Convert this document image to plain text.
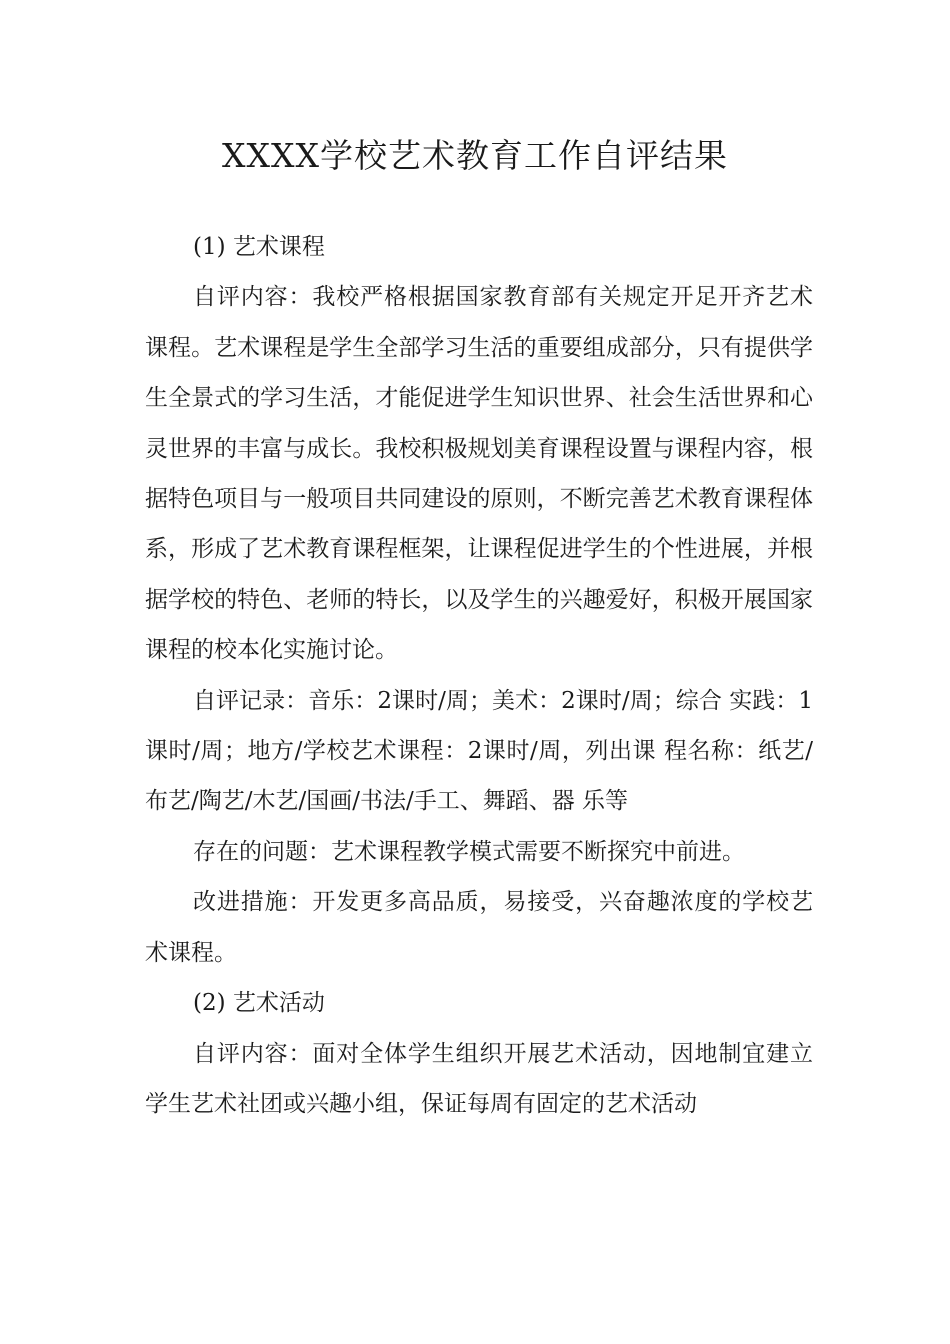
XXXX学校艺术教育工作自评结果

(1) 艺术课程

自评内容：我校严格根据国家教育部有关规定开足开齐艺术课程。艺术课程是学生全部学习生活的重要组成部分，只有提供学生全景式的学习生活，才能促进学生知识世界、社会生活世界和心灵世界的丰富与成长。我校积极规划美育课程设置与课程内容，根据特色项目与一般项目共同建设的原则，不断完善艺术教育课程体系，形成了艺术教育课程框架，让课程促进学生的个性进展，并根据学校的特色、老师的特长，以及学生的兴趣爱好，积极开展国家课程的校本化实施讨论。

自评记录：音乐：2课时/周；美术：2课时/周；综合 实践：1课时/周；地方/学校艺术课程：2课时/周，列出课 程名称：纸艺/布艺/陶艺/木艺/国画/书法/手工、舞蹈、器 乐等

存在的问题：艺术课程教学模式需要不断探究中前进。

改进措施：开发更多高品质，易接受，兴奋趣浓度的学校艺术课程。

(2) 艺术活动

自评内容：面对全体学生组织开展艺术活动，因地制宜建立学生艺术社团或兴趣小组，保证每周有固定的艺术活动
